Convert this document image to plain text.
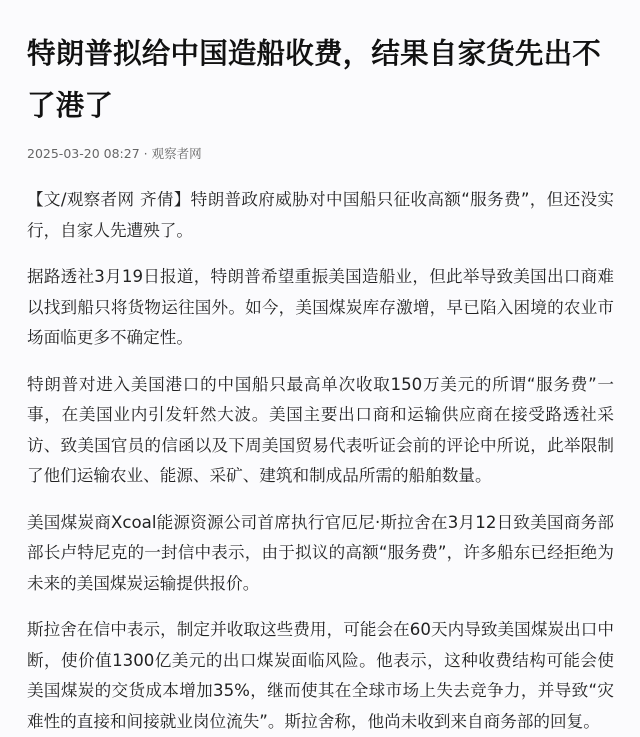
特朗普拟给中国造船收费，结果自家货先出不了港了
2025-03-20 08:27 · 观察者网

【文/观察者网 齐倩】特朗普政府威胁对中国船只征收高额“服务费”，但还没实行，自家人先遭殃了。

据路透社3月19日报道，特朗普希望重振美国造船业，但此举导致美国出口商难以找到船只将货物运往国外。如今，美国煤炭库存激增，早已陷入困境的农业市场面临更多不确定性。

特朗普对进入美国港口的中国船只最高单次收取150万美元的所谓“服务费”一事，在美国业内引发轩然大波。美国主要出口商和运输供应商在接受路透社采访、致美国官员的信函以及下周美国贸易代表听证会前的评论中所说，此举限制了他们运输农业、能源、采矿、建筑和制成品所需的船舶数量。

美国煤炭商Xcoal能源资源公司首席执行官厄尼·斯拉舍在3月12日致美国商务部部长卢特尼克的一封信中表示，由于拟议的高额“服务费”，许多船东已经拒绝为未来的美国煤炭运输提供报价。

斯拉舍在信中表示，制定并收取这些费用，可能会在60天内导致美国煤炭出口中断，使价值1300亿美元的出口煤炭面临风险。他表示，这种收费结构可能会使美国煤炭的交货成本增加35%，继而使其在全球市场上失去竞争力，并导致“灾难性的直接和间接就业岗位流失”。斯拉舍称，他尚未收到来自商务部的回复。
